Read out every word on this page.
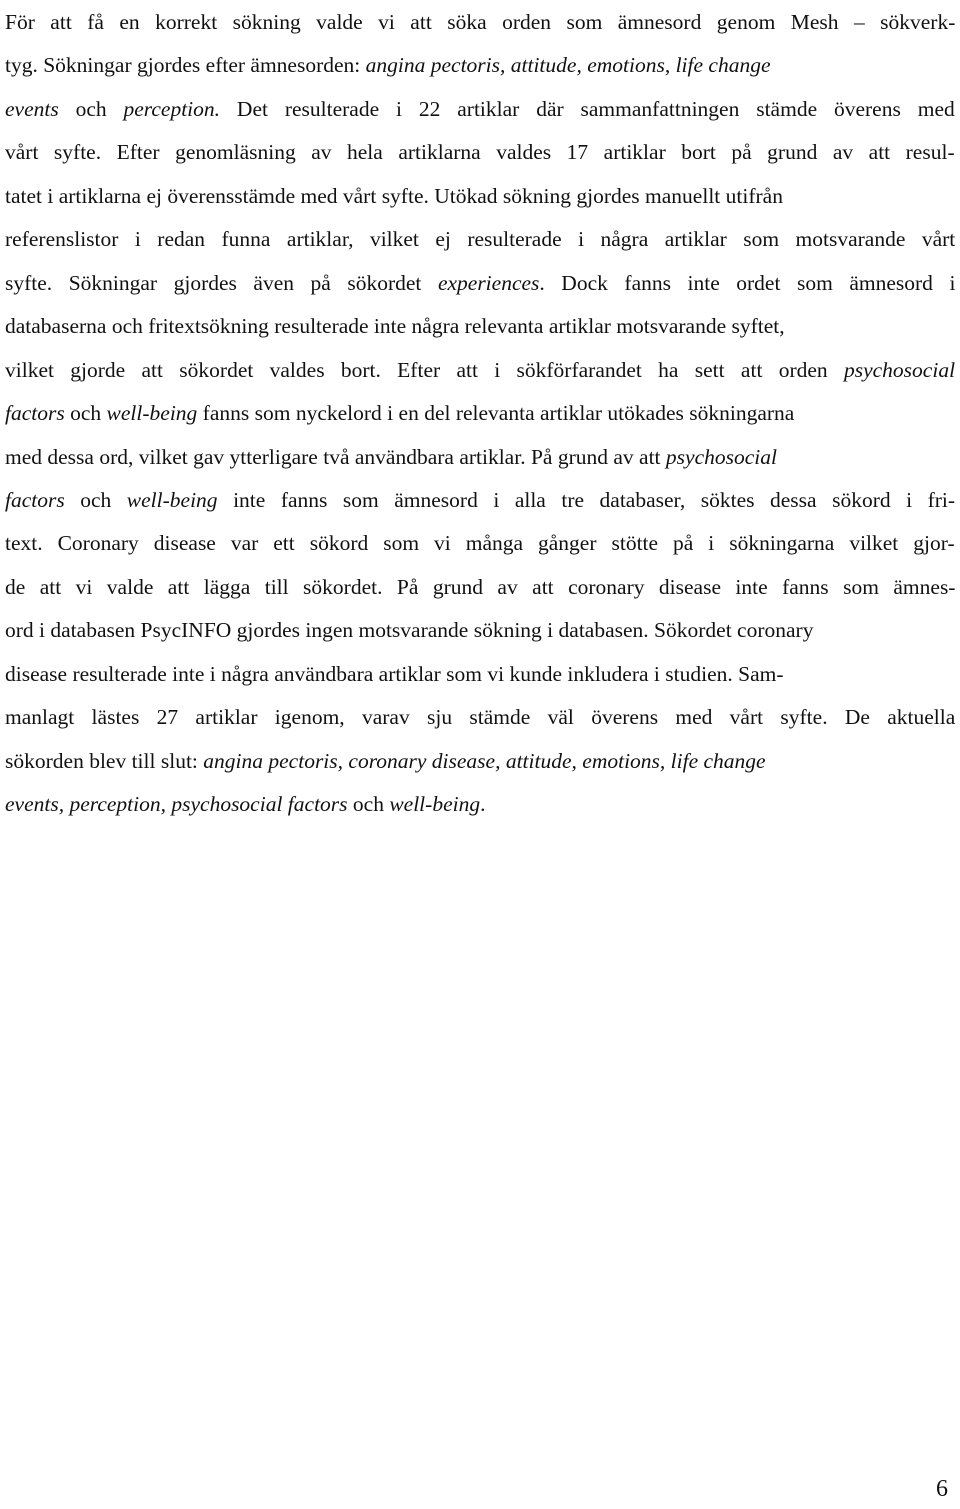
För att få en korrekt sökning valde vi att söka orden som ämnesord genom Mesh – sökverk-
tyg. Sökningar gjordes efter ämnesorden: angina pectoris, attitude, emotions, life change
events och perception. Det resulterade i 22 artiklar där sammanfattningen stämde överens med
vårt syfte. Efter genomläsning av hela artiklarna valdes 17 artiklar bort på grund av att resul-
tatet i artiklarna ej överensstämde med vårt syfte. Utökad sökning gjordes manuellt utifrån
referenslistor i redan funna artiklar, vilket ej resulterade i några artiklar som motsvarande vårt
syfte. Sökningar gjordes även på sökordet experiences. Dock fanns inte ordet som ämnesord i
databaserna och fritextsökning resulterade inte några relevanta artiklar motsvarande syftet,
vilket gjorde att sökordet valdes bort. Efter att i sökförfarandet ha sett att orden psychosocial
factors och well-being fanns som nyckelord i en del relevanta artiklar utökades sökningarna
med dessa ord, vilket gav ytterligare två användbara artiklar. På grund av att psychosocial
factors och well-being inte fanns som ämnesord i alla tre databaser, söktes dessa sökord i fri-
text. Coronary disease var ett sökord som vi många gånger stötte på i sökningarna vilket gjor-
de att vi valde att lägga till sökordet. På grund av att coronary disease inte fanns som ämnes-
ord i databasen PsycINFO gjordes ingen motsvarande sökning i databasen. Sökordet coronary
disease resulterade inte i några användbara artiklar som vi kunde inkludera i studien. Sam-
manlagt lästes 27 artiklar igenom, varav sju stämde väl överens med vårt syfte. De aktuella
sökorden blev till slut: angina pectoris, coronary disease, attitude, emotions, life change
events, perception, psychosocial factors och well-being.
6
